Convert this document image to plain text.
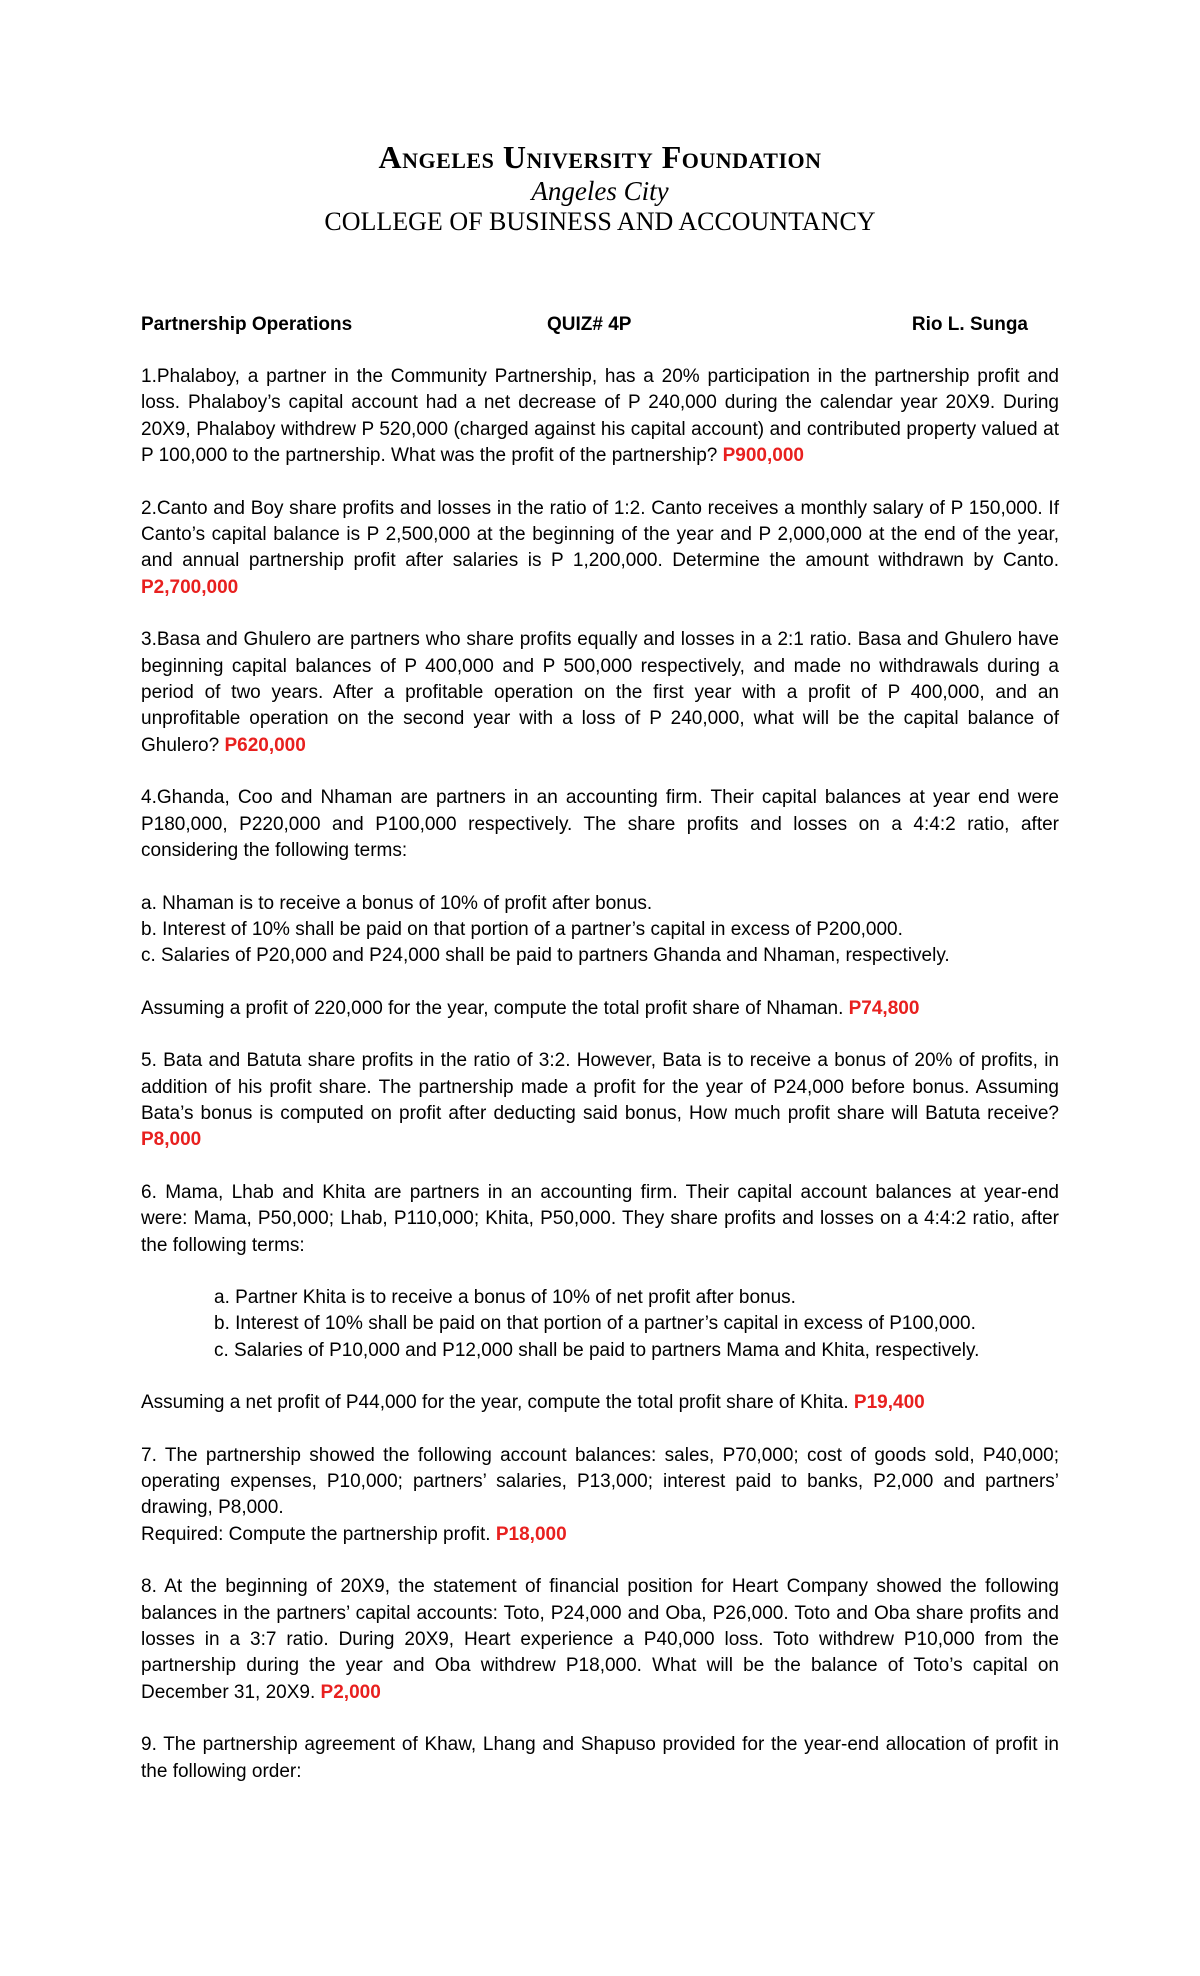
Angeles University Foundation
Angeles City
COLLEGE OF BUSINESS AND ACCOUNTANCY
Partnership Operations	QUIZ# 4P	Rio L. Sunga

1.Phalaboy, a partner in the Community Partnership, has a 20% participation in the partnership profit and loss. Phalaboy’s capital account had a net decrease of P 240,000 during the calendar year 20X9. During 20X9, Phalaboy withdrew P 520,000 (charged against his capital account) and contributed property valued at P 100,000 to the partnership. What was the profit of the partnership? P900,000

2.Canto and Boy share profits and losses in the ratio of 1:2. Canto receives a monthly salary of P 150,000. If Canto’s capital balance is P 2,500,000 at the beginning of the year and P 2,000,000 at the end of the year, and annual partnership profit after salaries is P 1,200,000. Determine the amount withdrawn by Canto. P2,700,000

3.Basa and Ghulero are partners who share profits equally and losses in a 2:1 ratio. Basa and Ghulero have beginning capital balances of P 400,000 and P 500,000 respectively, and made no withdrawals during a period of two years. After a profitable operation on the first year with a profit of P 400,000, and an unprofitable operation on the second year with a loss of P 240,000, what will be the capital balance of Ghulero? P620,000

4.Ghanda, Coo and Nhaman are partners in an accounting firm. Their capital balances at year end were P180,000, P220,000 and P100,000 respectively. The share profits and losses on a 4:4:2 ratio, after considering the following terms:

a. Nhaman is to receive a bonus of 10% of profit after bonus.

b. Interest of 10% shall be paid on that portion of a partner’s capital in excess of P200,000.

c. Salaries of P20,000 and P24,000 shall be paid to partners Ghanda and Nhaman, respectively.

Assuming a profit of 220,000 for the year, compute the total profit share of Nhaman. P74,800

5. Bata and Batuta share profits in the ratio of 3:2. However, Bata is to receive a bonus of 20% of profits, in addition of his profit share. The partnership made a profit for the year of P24,000 before bonus. Assuming Bata’s bonus is computed on profit after deducting said bonus, How much profit share will Batuta receive? P8,000

6. Mama, Lhab and Khita are partners in an accounting firm. Their capital account balances at year-end were: Mama, P50,000; Lhab, P110,000; Khita, P50,000. They share profits and losses on a 4:4:2 ratio, after the following terms:

a. Partner Khita is to receive a bonus of 10% of net profit after bonus.

b. Interest of 10% shall be paid on that portion of a partner’s capital in excess of P100,000.

c. Salaries of P10,000 and P12,000 shall be paid to partners Mama and Khita, respectively.

Assuming a net profit of P44,000 for the year, compute the total profit share of Khita. P19,400

7. The partnership showed the following account balances: sales, P70,000; cost of goods sold, P40,000; operating expenses, P10,000; partners’ salaries, P13,000; interest paid to banks, P2,000 and partners’ drawing, P8,000.

Required: Compute the partnership profit. P18,000

8. At the beginning of 20X9, the statement of financial position for Heart Company showed the following balances in the partners’ capital accounts: Toto, P24,000 and Oba, P26,000. Toto and Oba share profits and losses in a 3:7 ratio. During 20X9, Heart experience a P40,000 loss. Toto withdrew P10,000 from the partnership during the year and Oba withdrew P18,000. What will be the balance of Toto’s capital on December 31, 20X9. P2,000

9. The partnership agreement of Khaw, Lhang and Shapuso provided for the year-end allocation of profit in the following order:
